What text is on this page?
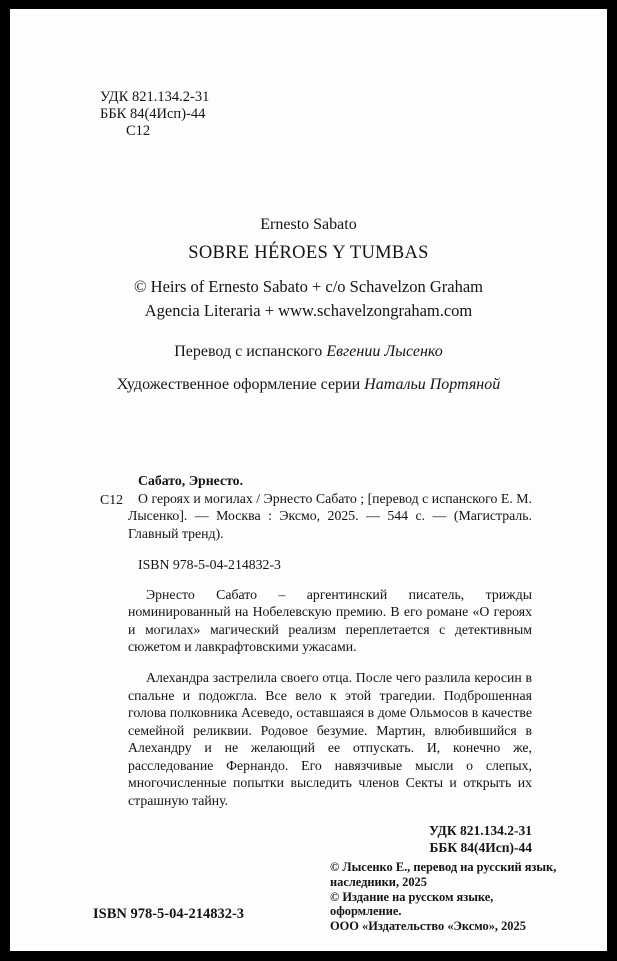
УДК 821.134.2-31
ББК 84(4Исп)-44
С12
Ernesto Sabato
SOBRE HÉROES Y TUMBAS
© Heirs of Ernesto Sabato + c/o Schavelzon Graham
Agencia Literaria + www.schavelzongraham.com
Перевод с испанского Евгении Лысенко
Художественное оформление серии Натальи Портяной
С12
Сабато, Эрнесто.
О героях и могилах / Эрнесто Сабато ; [перевод с испанского Е. М. Лысенко]. — Москва : Эксмо, 2025. — 544 с. — (Магистраль. Главный тренд).
ISBN 978-5-04-214832-3

Эрнесто Сабато – аргентинский писатель, трижды номинированный на Нобелевскую премию. В его романе «О героях и могилах» магический реализм переплетается с детективным сюжетом и лавкрафтовскими ужасами.

Алехандра застрелила своего отца. После чего разлила керосин в спальне и подожгла. Все вело к этой трагедии. Подброшенная голова полковника Асеведо, оставшаяся в доме Ольмосов в качестве семейной реликвии. Родовое безумие. Мартин, влюбившийся в Алехандру и не желающий ее отпускать. И, конечно же, расследование Фернандо. Его навязчивые мысли о слепых, многочисленные попытки выследить членов Секты и открыть их страшную тайну.

УДК 821.134.2-31
ББК 84(4Исп)-44
© Лысенко Е., перевод на русский язык,
наследники, 2025
© Издание на русском языке, оформление.
ООО «Издательство «Эксмо», 2025
ISBN 978-5-04-214832-3
